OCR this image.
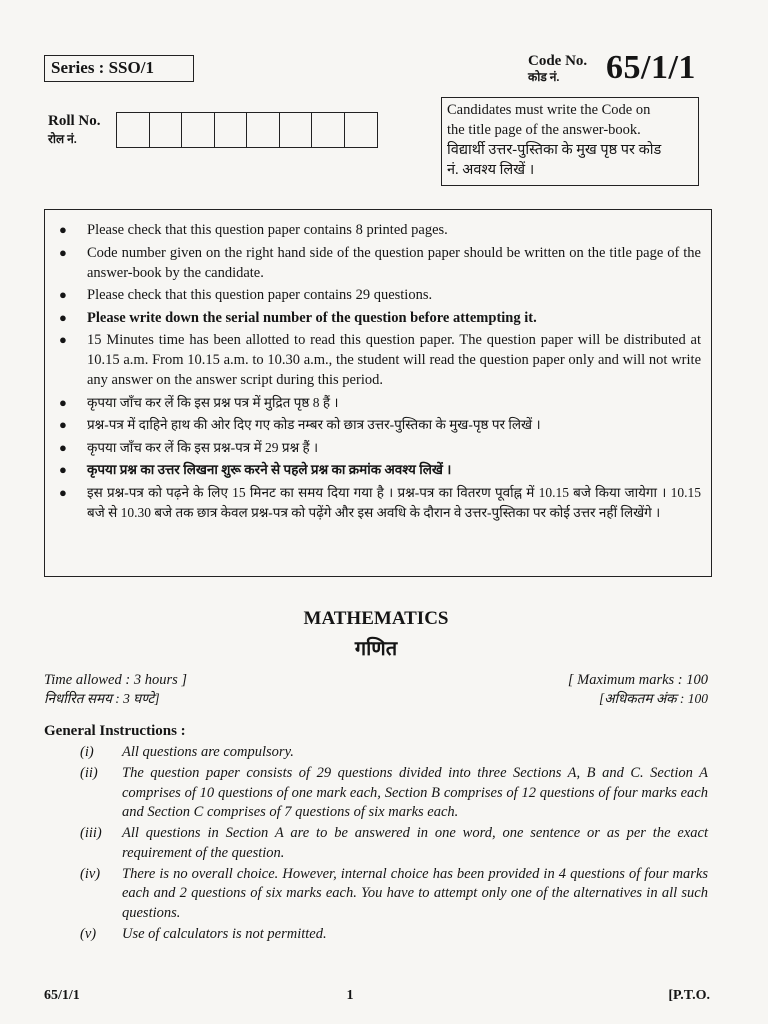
Series : SSO/1	Code No.
कोड नं. 65/1/1
Roll No.
रोल नं.
Candidates must write the Code on
the title page of the answer-book.
विद्यार्थी उत्तर-पुस्तिका के मुख पृष्ठ पर कोड
नं. अवश्य लिखें ।
●	Please check that this question paper contains 8 printed pages.
●	Code number given on the right hand side of the question paper should be written on the title page of the answer-book by the candidate.
●	Please check that this question paper contains 29 questions.
●	Please write down the serial number of the question before attempting it.
●	15 Minutes time has been allotted to read this question paper. The question paper will be distributed at 10.15 a.m. From 10.15 a.m. to 10.30 a.m., the student will read the question paper only and will not write any answer on the answer script during this period.
●	कृपया जाँच कर लें कि इस प्रश्न पत्र में मुद्रित पृष्ठ 8 हैं ।
●	प्रश्न-पत्र में दाहिने हाथ की ओर दिए गए कोड नम्बर को छात्र उत्तर-पुस्तिका के मुख-पृष्ठ पर लिखें ।
●	कृपया जाँच कर लें कि इस प्रश्न-पत्र में 29 प्रश्न हैं ।
●	कृपया प्रश्न का उत्तर लिखना शुरू करने से पहले प्रश्न का क्रमांक अवश्य लिखें ।
●	इस प्रश्न-पत्र को पढ़ने के लिए 15 मिनट का समय दिया गया है । प्रश्न-पत्र का वितरण पूर्वाह्न में 10.15 बजे किया जायेगा । 10.15 बजे से 10.30 बजे तक छात्र केवल प्रश्न-पत्र को पढ़ेंगे और इस अवधि के दौरान वे उत्तर-पुस्तिका पर कोई उत्तर नहीं लिखेंगे ।
MATHEMATICS
गणित
Time allowed : 3 hours ]
निर्धारित समय : 3 घण्टे]
[ Maximum marks : 100
[अधिकतम अंक : 100
General Instructions :
(i)	All questions are compulsory.
(ii)	The question paper consists of 29 questions divided into three Sections A, B and C. Section A comprises of 10 questions of one mark each, Section B comprises of 12 questions of four marks each and Section C comprises of 7 questions of six marks each.
(iii)	All questions in Section A are to be answered in one word, one sentence or as per the exact requirement of the question.
(iv)	There is no overall choice. However, internal choice has been provided in 4 questions of four marks each and 2 questions of six marks each. You have to attempt only one of the alternatives in all such questions.
(v)	Use of calculators is not permitted.
65/1/1	1	[P.T.O.
